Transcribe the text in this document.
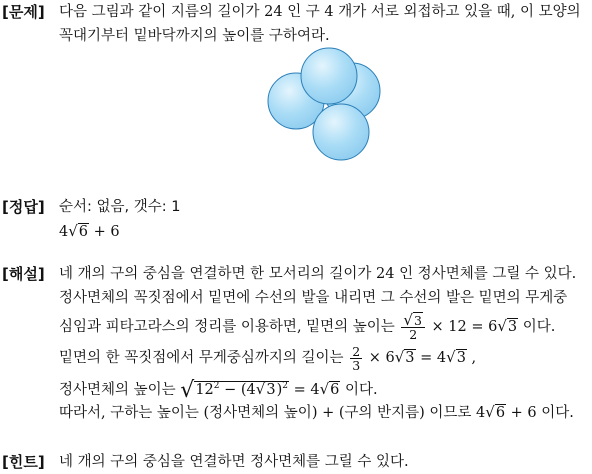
[문제] 다음 그림과 같이 지름의 길이가 24 인 구 4 개가 서로 외접하고 있을 때, 이 모양의
꼭대기부터 밑바닥까지의 높이를 구하여라.
[정답] 순서: 없음, 갯수: 1
4√6 + 6
[해설] 네 개의 구의 중심을 연결하면 한 모서리의 길이가 24 인 정사면체를 그릴 수 있다.
정사면체의 꼭짓점에서 밑면에 수선의 발을 내리면 그 수선의 발은 밑면의 무게중
심임과 피타고라스의 정리를 이용하면, 밑면의 높이는 $\frac{√3}{2} \times 12 = 6√3$ 이다.
밑면의 한 꼭짓점에서 무게중심까지의 길이는 $\frac{2}{3} \times 6√3 = 4√3$ ,
정사면체의 높이는 $√12^2 - (4√3)^2 = 4√6$ 이다.
따라서, 구하는 높이는 (정사면체의 높이) + (구의 반지름) 이므로 4√6 + 6 이다.
[힌트] 네 개의 구의 중심을 연결하면 정사면체를 그릴 수 있다.
